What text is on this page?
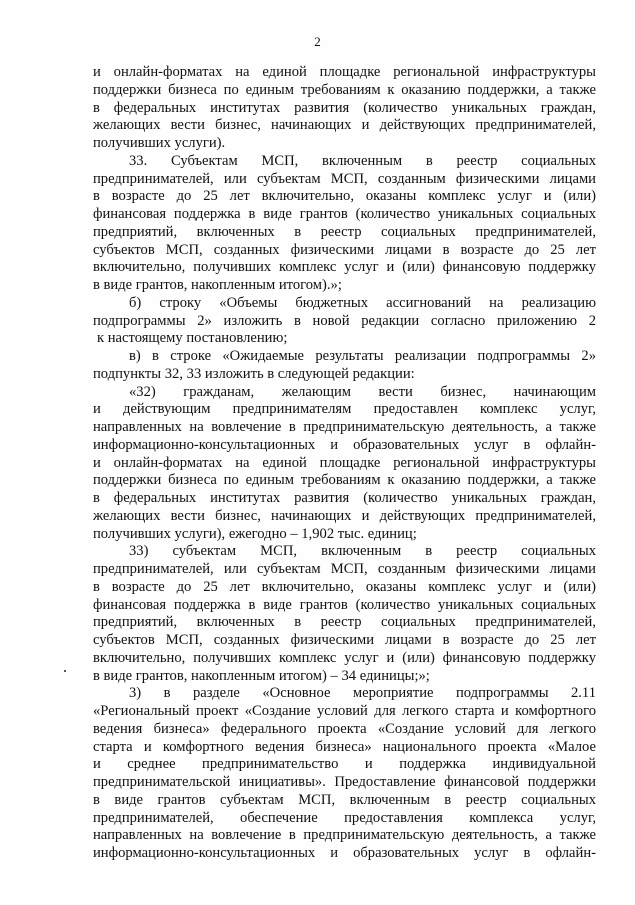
2
и онлайн-форматах на единой площадке региональной инфраструктуры
поддержки бизнеса по единым требованиям к оказанию поддержки, а также
в федеральных институтах развития (количество уникальных граждан,
желающих вести бизнес, начинающих и действующих предпринимателей,
получивших услуги).
33. Субъектам МСП, включенным в реестр социальных
предпринимателей, или субъектам МСП, созданным физическими лицами
в возрасте до 25 лет включительно, оказаны комплекс услуг и (или)
финансовая поддержка в виде грантов (количество уникальных социальных
предприятий, включенных в реестр социальных предпринимателей,
субъектов МСП, созданных физическими лицами в возрасте до 25 лет
включительно, получивших комплекс услуг и (или) финансовую поддержку
в виде грантов, накопленным итогом).»;
б) строку «Объемы бюджетных ассигнований на реализацию
подпрограммы 2» изложить в новой редакции согласно приложению 2
к настоящему постановлению;
в) в строке «Ожидаемые результаты реализации подпрограммы 2»
подпункты 32, 33 изложить в следующей редакции:
«32) гражданам, желающим вести бизнес, начинающим
и действующим предпринимателям предоставлен комплекс услуг,
направленных на вовлечение в предпринимательскую деятельность, а также
информационно-консультационных и образовательных услуг в офлайн-
и онлайн-форматах на единой площадке региональной инфраструктуры
поддержки бизнеса по единым требованиям к оказанию поддержки, а также
в федеральных институтах развития (количество уникальных граждан,
желающих вести бизнес, начинающих и действующих предпринимателей,
получивших услуги), ежегодно – 1,902 тыс. единиц;
33) субъектам МСП, включенным в реестр социальных
предпринимателей, или субъектам МСП, созданным физическими лицами
в возрасте до 25 лет включительно, оказаны комплекс услуг и (или)
финансовая поддержка в виде грантов (количество уникальных социальных
предприятий, включенных в реестр социальных предпринимателей,
субъектов МСП, созданных физическими лицами в возрасте до 25 лет
включительно, получивших комплекс услуг и (или) финансовую поддержку
в виде грантов, накопленным итогом) – 34 единицы;»;
3) в разделе «Основное мероприятие подпрограммы 2.11
«Региональный проект «Создание условий для легкого старта и комфортного
ведения бизнеса» федерального проекта «Создание условий для легкого
старта и комфортного ведения бизнеса» национального проекта «Малое
и среднее предпринимательство и поддержка индивидуальной
предпринимательской инициативы». Предоставление финансовой поддержки
в виде грантов субъектам МСП, включенным в реестр социальных
предпринимателей, обеспечение предоставления комплекса услуг,
направленных на вовлечение в предпринимательскую деятельность, а также
информационно-консультационных и образовательных услуг в офлайн-
